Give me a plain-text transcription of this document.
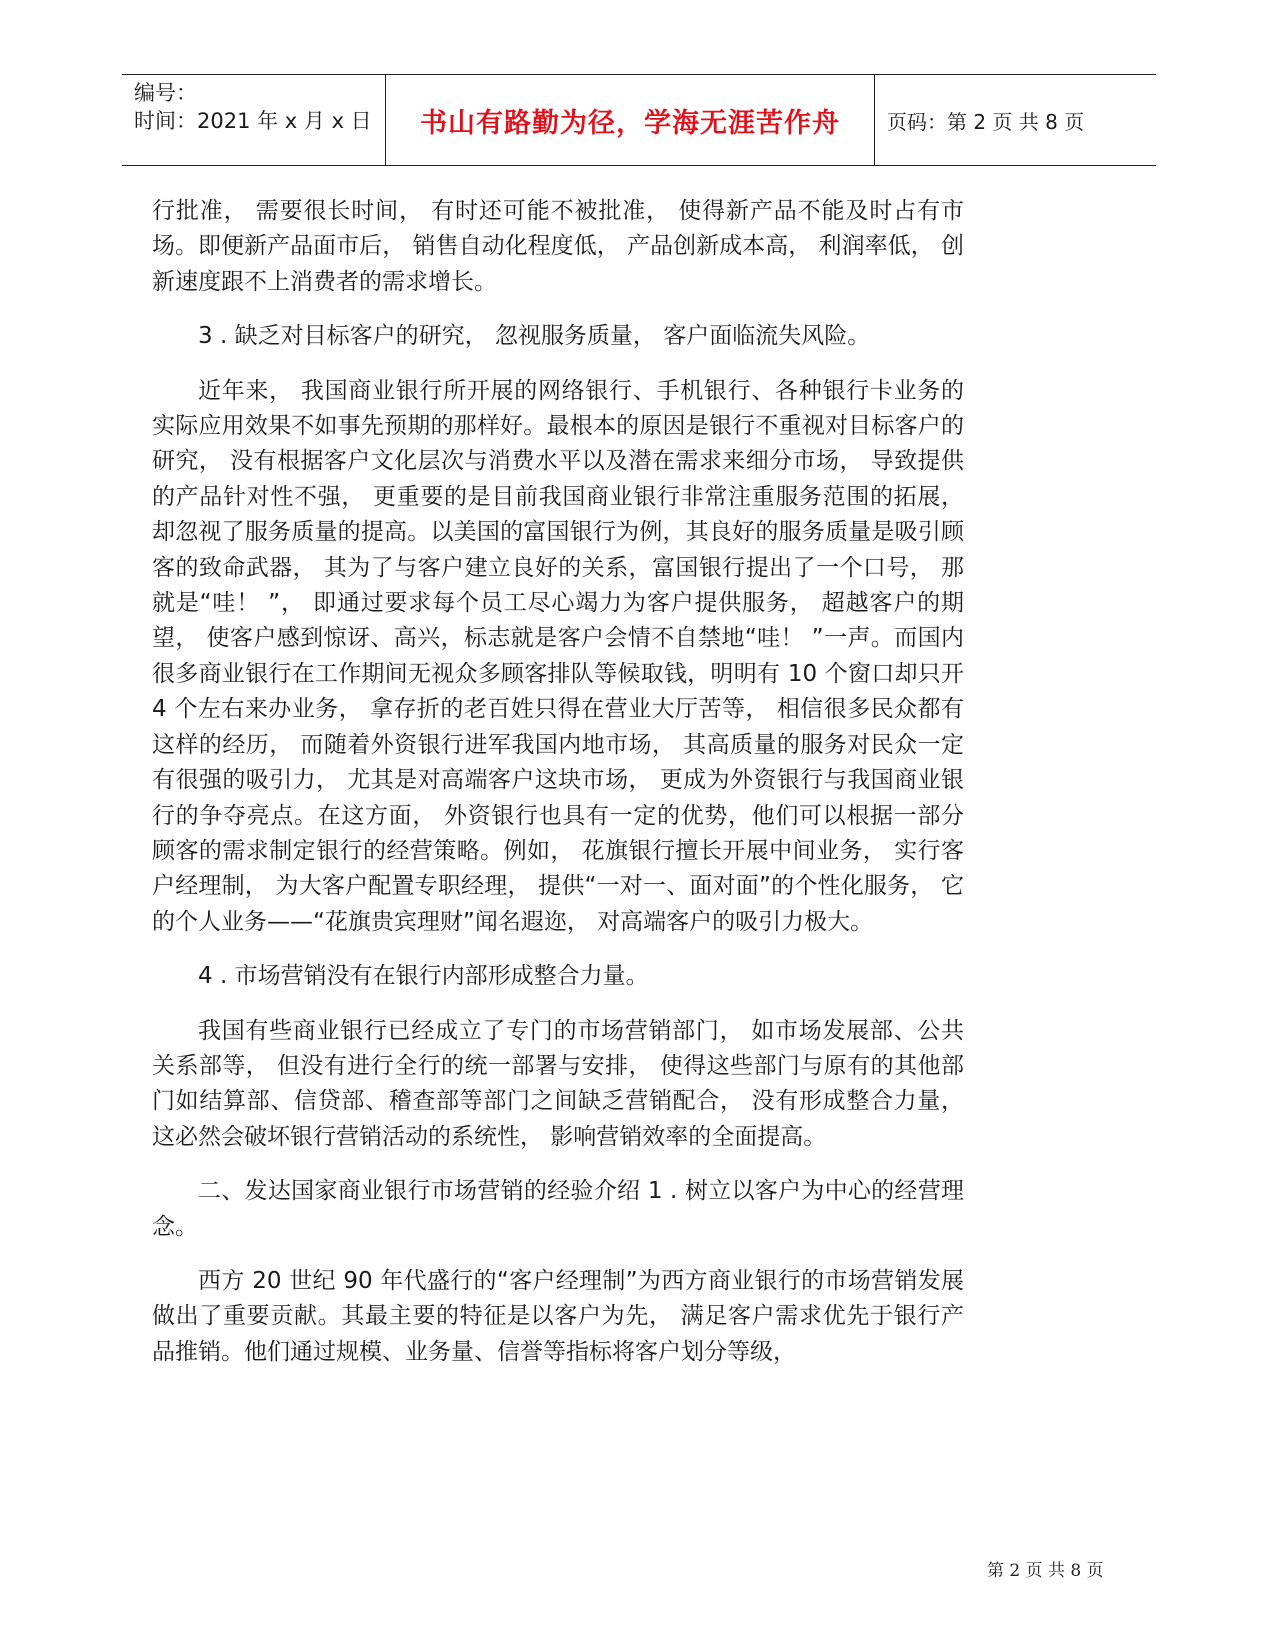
编号：
时间：2021 年 x 月 x 日	书山有路勤为径，学海无涯苦作舟	页码：第 2 页 共 8 页

行批准， 需要很长时间， 有时还可能不被批准， 使得新产品不能及时占有市场。即便新产品面市后， 销售自动化程度低， 产品创新成本高， 利润率低， 创新速度跟不上消费者的需求增长。

3 . 缺乏对目标客户的研究， 忽视服务质量， 客户面临流失风险。

近年来， 我国商业银行所开展的网络银行、手机银行、各种银行卡业务的实际应用效果不如事先预期的那样好。最根本的原因是银行不重视对目标客户的研究， 没有根据客户文化层次与消费水平以及潜在需求来细分市场， 导致提供的产品针对性不强， 更重要的是目前我国商业银行非常注重服务范围的拓展， 却忽视了服务质量的提高。以美国的富国银行为例，其良好的服务质量是吸引顾客的致命武器， 其为了与客户建立良好的关系，富国银行提出了一个口号， 那就是“哇！ ”， 即通过要求每个员工尽心竭力为客户提供服务， 超越客户的期望， 使客户感到惊讶、高兴，标志就是客户会情不自禁地“哇！ ”一声。而国内很多商业银行在工作期间无视众多顾客排队等候取钱，明明有 10 个窗口却只开 4 个左右来办业务， 拿存折的老百姓只得在营业大厅苦等， 相信很多民众都有这样的经历， 而随着外资银行进军我国内地市场， 其高质量的服务对民众一定有很强的吸引力， 尤其是对高端客户这块市场， 更成为外资银行与我国商业银行的争夺亮点。在这方面， 外资银行也具有一定的优势，他们可以根据一部分顾客的需求制定银行的经营策略。例如， 花旗银行擅长开展中间业务， 实行客户经理制， 为大客户配置专职经理， 提供“一对一、面对面”的个性化服务， 它的个人业务——“花旗贵宾理财”闻名遐迩， 对高端客户的吸引力极大。

4 . 市场营销没有在银行内部形成整合力量。

我国有些商业银行已经成立了专门的市场营销部门， 如市场发展部、公共关系部等， 但没有进行全行的统一部署与安排， 使得这些部门与原有的其他部门如结算部、信贷部、稽查部等部门之间缺乏营销配合， 没有形成整合力量， 这必然会破坏银行营销活动的系统性， 影响营销效率的全面提高。

二、发达国家商业银行市场营销的经验介绍 1 . 树立以客户为中心的经营理念。

西方 20 世纪 90 年代盛行的“客户经理制”为西方商业银行的市场营销发展做出了重要贡献。其最主要的特征是以客户为先， 满足客户需求优先于银行产品推销。他们通过规模、业务量、信誉等指标将客户划分等级，

第 2 页 共 8 页
